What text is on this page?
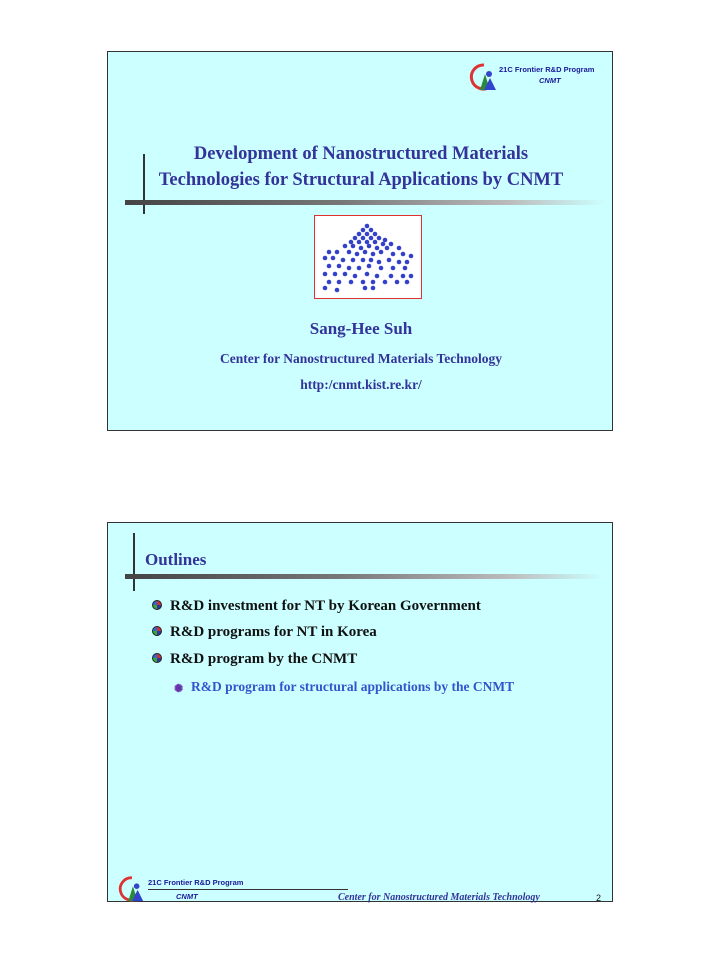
21C Frontier R&D Program
CNMT
Development of Nanostructured Materials
Technologies for Structural Applications by CNMT
Sang-Hee Suh
Center for Nanostructured Materials Technology
http:/cnmt.kist.re.kr/
Outlines
R&D investment for NT by Korean Government
R&D programs for NT in Korea
R&D program by the CNMT
✺ R&D program for structural applications by the CNMT
21C Frontier R&D Program
CNMT	Center for Nanostructured Materials Technology	2
